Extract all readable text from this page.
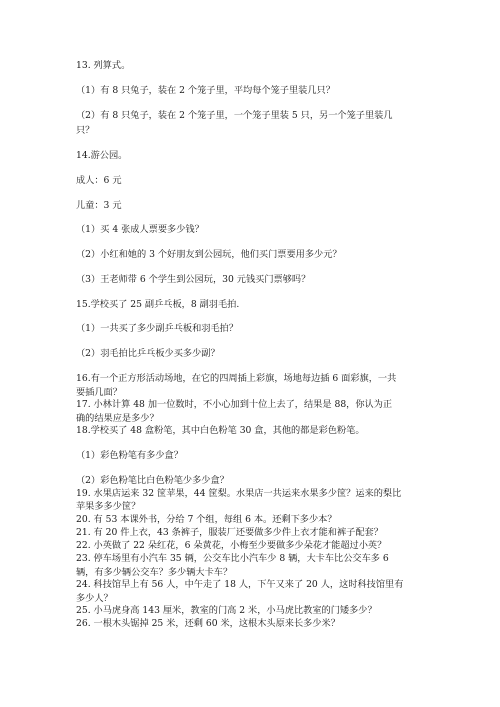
13. 列算式。
（1）有 8 只兔子，装在 2 个笼子里，平均每个笼子里装几只？
（2）有 8 只兔子，装在 2 个笼子里，一个笼子里装 5 只，另一个笼子里装几
只？
14.游公园。
成人：6 元
儿童：3 元
（1）买 4 张成人票要多少钱？
（2）小红和她的 3 个好朋友到公园玩，他们买门票要用多少元？
（3）王老师带 6 个学生到公园玩，30 元钱买门票够吗？
15.学校买了 25 副乒乓板，8 副羽毛拍.
（1）一共买了多少副乒乓板和羽毛拍？
（2）羽毛拍比乒乓板少买多少副？
16.有一个正方形活动场地，在它的四周插上彩旗，场地每边插 6 面彩旗，一共
要插几面？
17. 小林计算 48 加一位数时，不小心加到十位上去了，结果是 88，你认为正
确的结果应是多少？
18.学校买了 48 盒粉笔，其中白色粉笔 30 盒，其他的都是彩色粉笔。
（1）彩色粉笔有多少盒？
（2）彩色粉笔比白色粉笔少多少盒？
19. 水果店运来 32 筐苹果，44 筐梨。水果店一共运来水果多少筐？运来的梨比
苹果多多少筐？
20. 有 53 本课外书，分给 7 个组，每组 6 本。还剩下多少本？
21. 有 20 件上衣，43 条裤子，服装厂还要做多少件上衣才能和裤子配套？
22. 小英做了 22 朵红花，6 朵黄花，小梅至少要做多少朵花才能超过小英？
23. 停车场里有小汽车 35 辆，公交车比小汽车少 8 辆，大卡车比公交车多 6
辆，有多少辆公交车？多少辆大卡车？
24. 科技馆早上有 56 人，中午走了 18 人，下午又来了 20 人，这时科技馆里有
多少人？
25. 小马虎身高 143 厘米，教室的门高 2 米，小马虎比教室的门矮多少？
26. 一根木头锯掉 25 米，还剩 60 米，这根木头原来长多少米？
